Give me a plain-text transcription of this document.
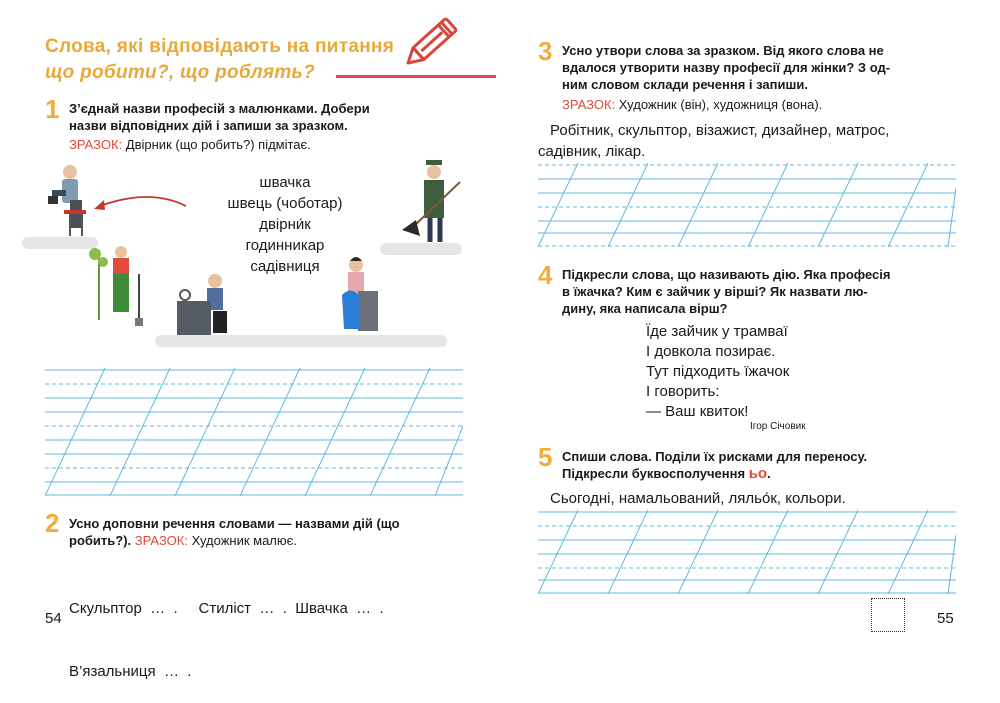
Слова, які відповідають на питання
що робити?, що роблять?
1 З’єднай назви професій з малюнками. Добери
назви відповідних дій і запиши за зразком.
ЗРАЗОК: Двірник (що робить?) підмітає.
швачка
швець (чоботар)
двірни́к
годинникар
садівниця
2 Усно доповни речення словами — назвами дій (що
робить?). ЗРАЗОК: Художник малює.

Скульптор  …  .     Стиліст  …  .  Швачка  …  .

В’язальниця  …  .

54
3 Усно утвори слова за зразком. Від якого слова не
вдалося утворити назву професії для жінки? З од-
ним словом склади речення і запиши.
ЗРАЗОК: Художник (він), художниця (вона).
Робітник, скульптор, візажист, дизайнер, матрос,
садівник, лікар.
4 Підкресли слова, що називають дію. Яка професія
в їжачка? Ким є зайчик у вірші? Як назвати лю-
дину, яка написала вірш?
Їде зайчик у трамваї
І довкола позирає.
Тут підходить їжачок
І говорить:
— Ваш квиток!
Ігор Січовик
5 Спиши слова. Поділи їх рисками для переносу.
Підкресли буквосполучення ьо.
Сьогодні, намальований, ляльо́к, кольори.
55
